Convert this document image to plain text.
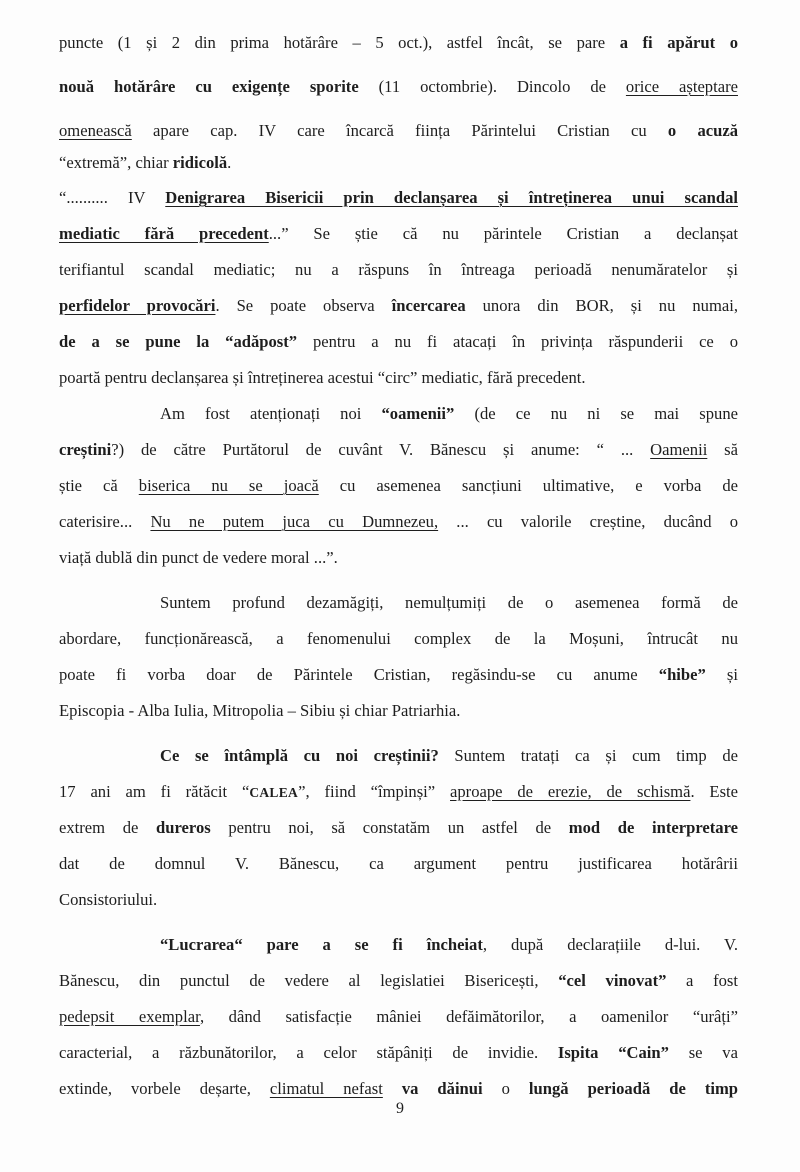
puncte (1 și 2 din prima hotărâre – 5 oct.), astfel încât, se pare a fi apărut o
nouă hotărâre cu exigențe sporite (11 octombrie). Dincolo de orice așteptare
omenească apare cap. IV care încarcă ființa Părintelui Cristian cu o acuză
“extremă”, chiar ridicolă.
“.......... IV Denigrarea Bisericii prin declanșarea și întreținerea unui scandal
mediatic fără precedent...” Se știe că nu părintele Cristian a declanșat
terifiantul scandal mediatic; nu a răspuns în întreaga perioadă nenumăratelor și
perfidelor provocări. Se poate observa încercarea unora din BOR, și nu numai,
de a se pune la “adăpost” pentru a nu fi atacați în privința răspunderii ce o
poartă pentru declanșarea și întreținerea acestui “circ” mediatic, fără precedent.
Am fost atenționați noi “oamenii” (de ce nu ni se mai spune
creștini?) de către Purtătorul de cuvânt V. Bănescu și anume: “ ... Oamenii să
știe că biserica nu se joacă cu asemenea sancțiuni ultimative, e vorba de
caterisire... Nu ne putem juca cu Dumnezeu, ... cu valorile creștine, ducând o
viață dublă din punct de vedere moral ...”.
Suntem profund dezamăgiți, nemulțumiți de o asemenea formă de
abordare, funcționărească, a fenomenului complex de la Moșuni, întrucât nu
poate fi vorba doar de Părintele Cristian, regăsindu-se cu anume “hibe” și
Episcopia - Alba Iulia, Mitropolia – Sibiu și chiar Patriarhia.
Ce se întâmplă cu noi creștinii? Suntem tratați ca și cum timp de
17 ani am fi rătăcit “CALEA”, fiind “împinși” aproape de erezie, de schismă. Este
extrem de dureros pentru noi, să constatăm un astfel de mod de interpretare
dat de domnul V. Bănescu, ca argument pentru justificarea hotărârii
Consistoriului.
“Lucrarea“ pare a se fi încheiat, după declarațiile d-lui. V.
Bănescu, din punctul de vedere al legislatiei Bisericești, “cel vinovat” a fost
pedepsit exemplar, dând satisfacție mâniei defăimătorilor, a oamenilor “urâți”
caracterial, a răzbunătorilor, a celor stăpâniți de invidie. Ispita “Cain” se va
extinde, vorbele deșarte, climatul nefast va dăinui o lungă perioadă de timp
9
